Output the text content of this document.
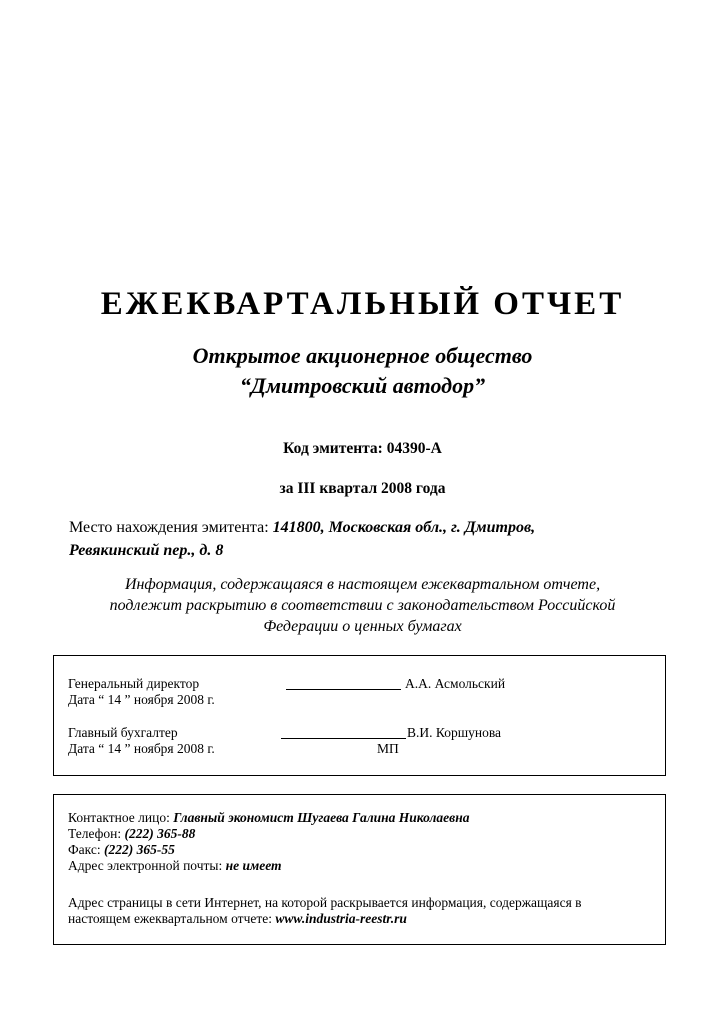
ЕЖЕКВАРТАЛЬНЫЙ ОТЧЕТ
Открытое акционерное общество
“Дмитровский автодор”
Код эмитента: 04390-А
за III квартал 2008 года
Место нахождения эмитента: 141800, Московская обл., г. Дмитров,
Ревякинский пер., д. 8
Информация, содержащаяся в настоящем ежеквартальном отчете,
подлежит раскрытию в соответствии с законодательством Российской
Федерации о ценных бумагах
Генеральный директор	А.А. Асмольский
Дата “ 14 ” ноября 2008 г.
Главный бухгалтер	В.И. Коршунова
Дата “ 14 ” ноября 2008 г.	МП
Контактное лицо: Главный экономист Шугаева Галина Николаевна
Телефон: (222) 365-88
Факс: (222) 365-55
Адрес электронной почты: не имеет
Адрес страницы в сети Интернет, на которой раскрывается информация, содержащаяся в
настоящем ежеквартальном отчете: www.industria-reestr.ru
